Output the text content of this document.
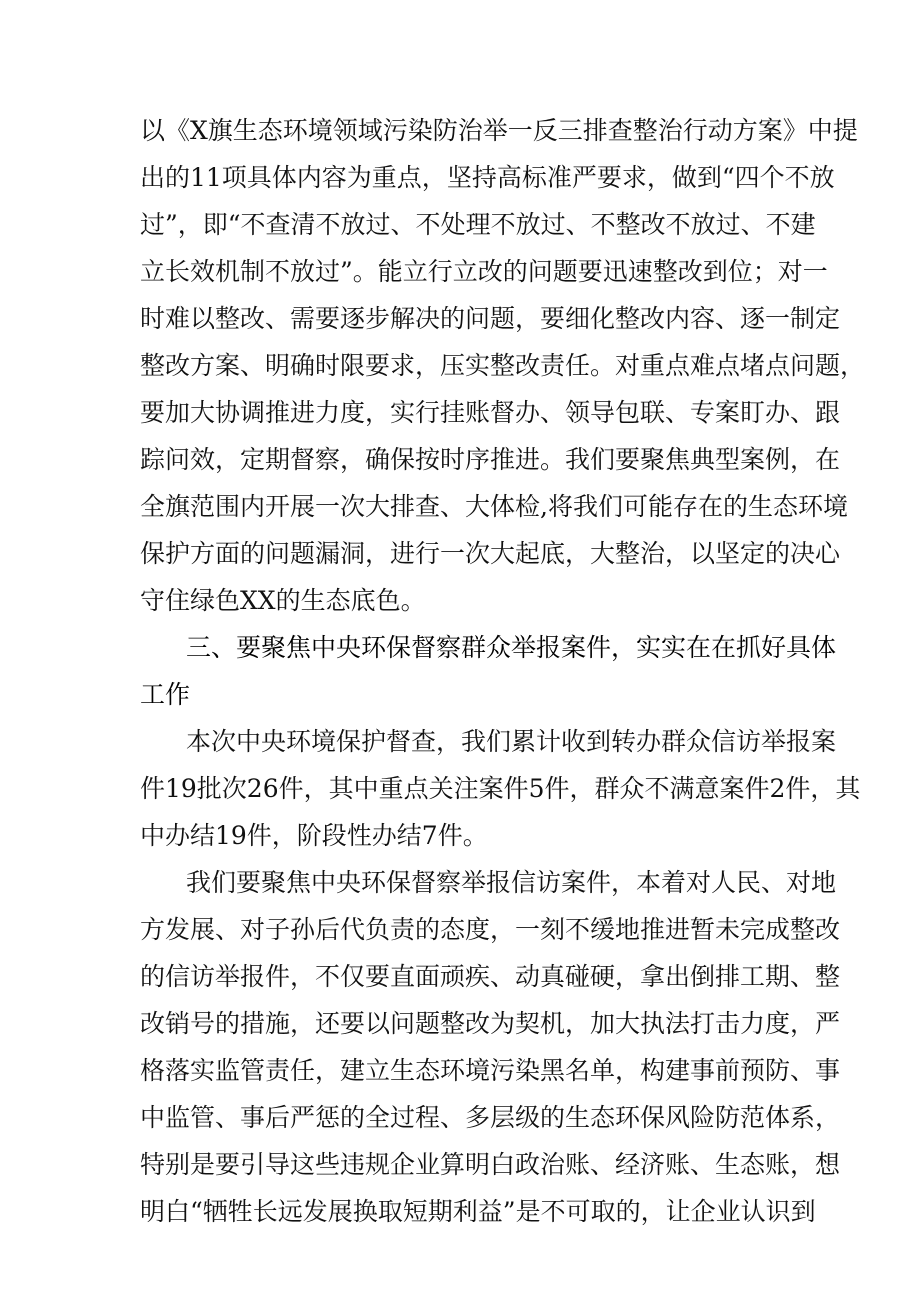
以《X旗生态环境领域污染防治举一反三排查整治行动方案》中提
出的11项具体内容为重点，坚持高标准严要求，做到“四个不放
过”，即“不查清不放过、不处理不放过、不整改不放过、不建
立长效机制不放过”。能立行立改的问题要迅速整改到位；对一
时难以整改、需要逐步解决的问题，要细化整改内容、逐一制定
整改方案、明确时限要求，压实整改责任。对重点难点堵点问题，
要加大协调推进力度，实行挂账督办、领导包联、专案盯办、跟
踪问效，定期督察，确保按时序推进。我们要聚焦典型案例，在
全旗范围内开展一次大排查、大体检,将我们可能存在的生态环境
保护方面的问题漏洞，进行一次大起底，大整治，以坚定的决心
守住绿色XX的生态底色。
三、要聚焦中央环保督察群众举报案件，实实在在抓好具体
工作
本次中央环境保护督查，我们累计收到转办群众信访举报案
件19批次26件，其中重点关注案件5件，群众不满意案件2件，其
中办结19件，阶段性办结7件。
我们要聚焦中央环保督察举报信访案件，本着对人民、对地
方发展、对子孙后代负责的态度，一刻不缓地推进暂未完成整改
的信访举报件，不仅要直面顽疾、动真碰硬，拿出倒排工期、整
改销号的措施，还要以问题整改为契机，加大执法打击力度，严
格落实监管责任，建立生态环境污染黑名单，构建事前预防、事
中监管、事后严惩的全过程、多层级的生态环保风险防范体系，
特别是要引导这些违规企业算明白政治账、经济账、生态账，想
明白“牺牲长远发展换取短期利益”是不可取的，让企业认识到
